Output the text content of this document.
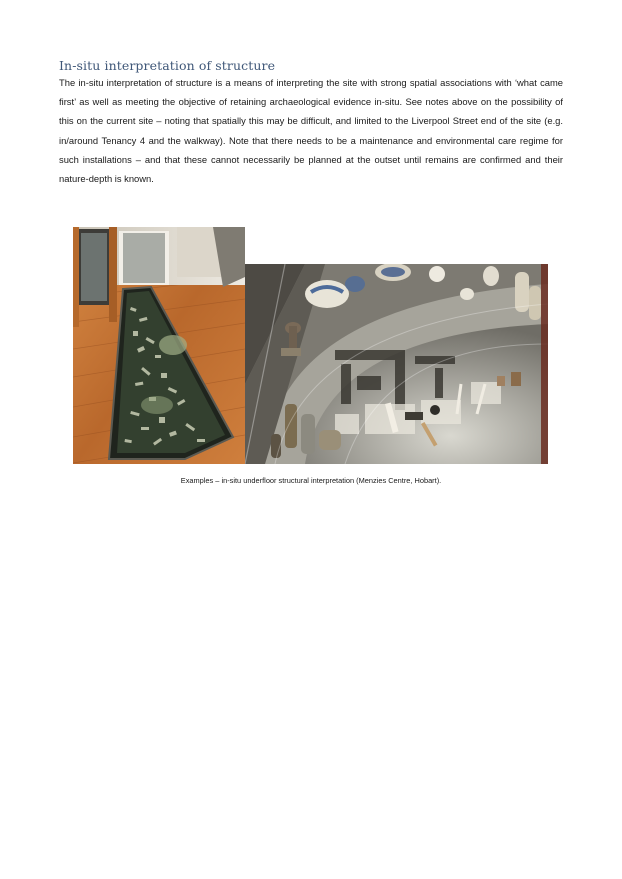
In-situ interpretation of structure
The in-situ interpretation of structure is a means of interpreting the site with strong spatial associations with ‘what came first’ as well as meeting the objective of retaining archaeological evidence in-situ. See notes above on the possibility of this on the current site – noting that spatially this may be difficult, and limited to the Liverpool Street end of the site (e.g. in/around Tenancy 4 and the walkway). Note that there needs to be a maintenance and environmental care regime for such installations – and that these cannot necessarily be planned at the outset until remains are confirmed and their nature-depth is known.
Examples – in-situ underfloor structural interpretation (Menzies Centre, Hobart).
